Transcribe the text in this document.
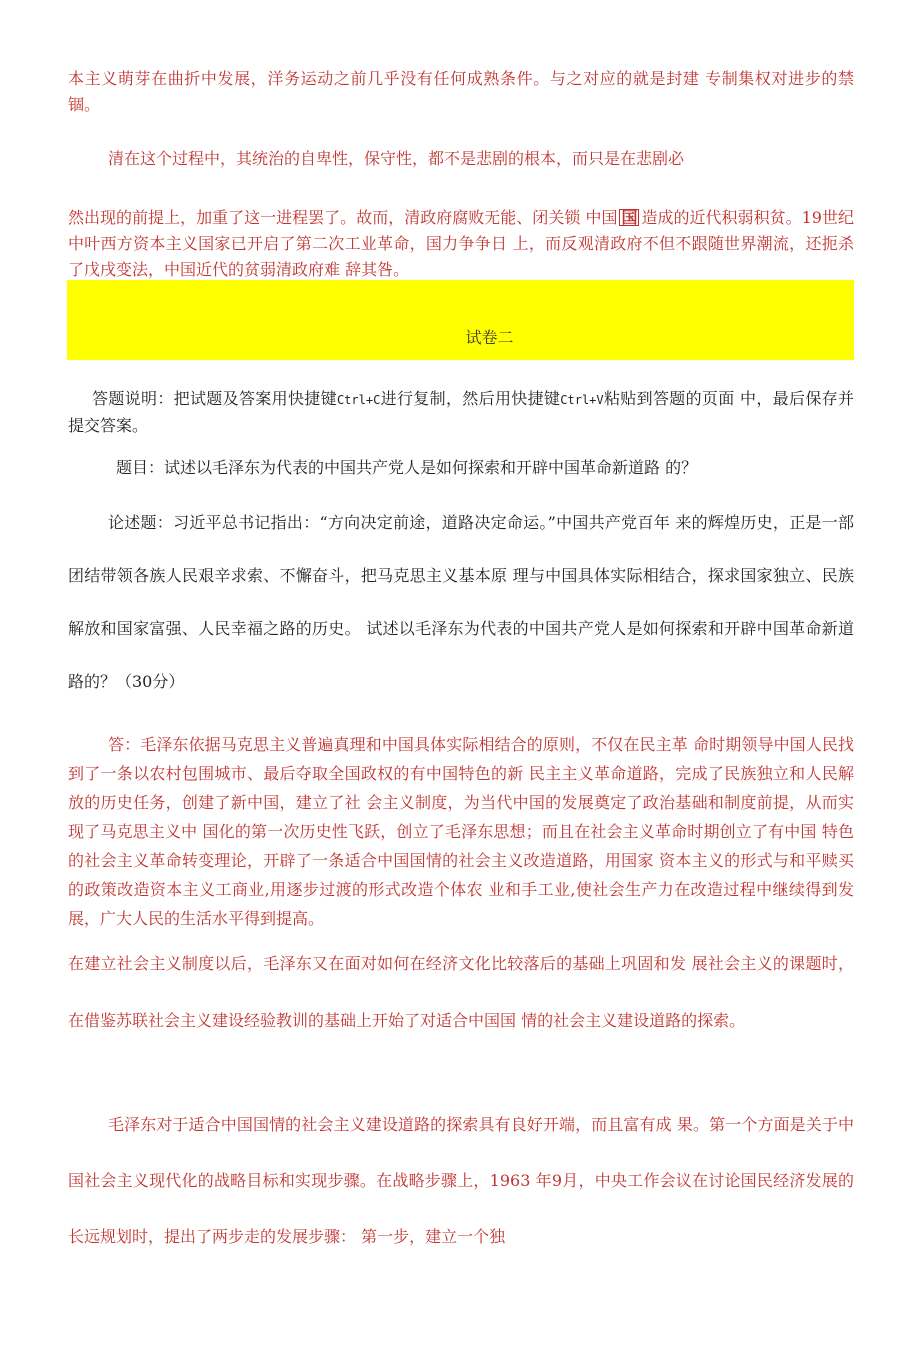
本主义萌芽在曲折中发展，洋务运动之前几乎没有任何成熟条件。与之对应的就是封建 专制集权对进步的禁锢。

清在这个过程中，其统治的自卑性，保守性，都不是悲剧的根本，而只是在悲剧必

然出现的前提上，加重了这一进程罢了。故而，清政府腐败无能、闭关锁 中国 国 造成的近代积弱积贫。19世纪中叶西方资本主义国家已开启了第二次工业革命，国力争争日 上，而反观清政府不但不跟随世界潮流，还扼杀了戊戌变法，中国近代的贫弱清政府难 辞其咎。

试卷二

答题说明：把试题及答案用快捷键Ctrl+C进行复制，然后用快捷键Ctrl+V粘贴到答题的页面 中，最后保存并提交答案。

题目：试述以毛泽东为代表的中国共产党人是如何探索和开辟中国革命新道路 的？

论述题：习近平总书记指出：“方向决定前途，道路决定命运。”中国共产党百年 来的辉煌历史，正是一部团结带领各族人民艰辛求索、不懈奋斗，把马克思主义基本原 理与中国具体实际相结合，探求国家独立、民族解放和国家富强、人民幸福之路的历史。 试述以毛泽东为代表的中国共产党人是如何探索和开辟中国革命新道路的？（30分）

答：毛泽东依据马克思主义普遍真理和中国具体实际相结合的原则，不仅在民主革 命时期领导中国人民找到了一条以农村包围城市、最后夺取全国政权的有中国特色的新 民主主义革命道路，完成了民族独立和人民解放的历史任务，创建了新中国，建立了社 会主义制度，为当代中国的发展奠定了政治基础和制度前提，从而实现了马克思主义中 国化的第一次历史性飞跃，创立了毛泽东思想；而且在社会主义革命时期创立了有中国 特色的社会主义革命转变理论，开辟了一条适合中国国情的社会主义改造道路，用国家 资本主义的形式与和平赎买的政策改造资本主义工商业,用逐步过渡的形式改造个体农 业和手工业,使社会生产力在改造过程中继续得到发展，广大人民的生活水平得到提高。

在建立社会主义制度以后，毛泽东又在面对如何在经济文化比较落后的基础上巩固和发 展社会主义的课题时，在借鉴苏联社会主义建设经验教训的基础上开始了对适合中国国 情的社会主义建设道路的探索。

毛泽东对于适合中国国情的社会主义建设道路的探索具有良好开端，而且富有成 果。第一个方面是关于中国社会主义现代化的战略目标和实现步骤。在战略步骤上，1963 年9月，中央工作会议在讨论国民经济发展的长远规划时，提出了两步走的发展步骤： 第一步，建立一个独
